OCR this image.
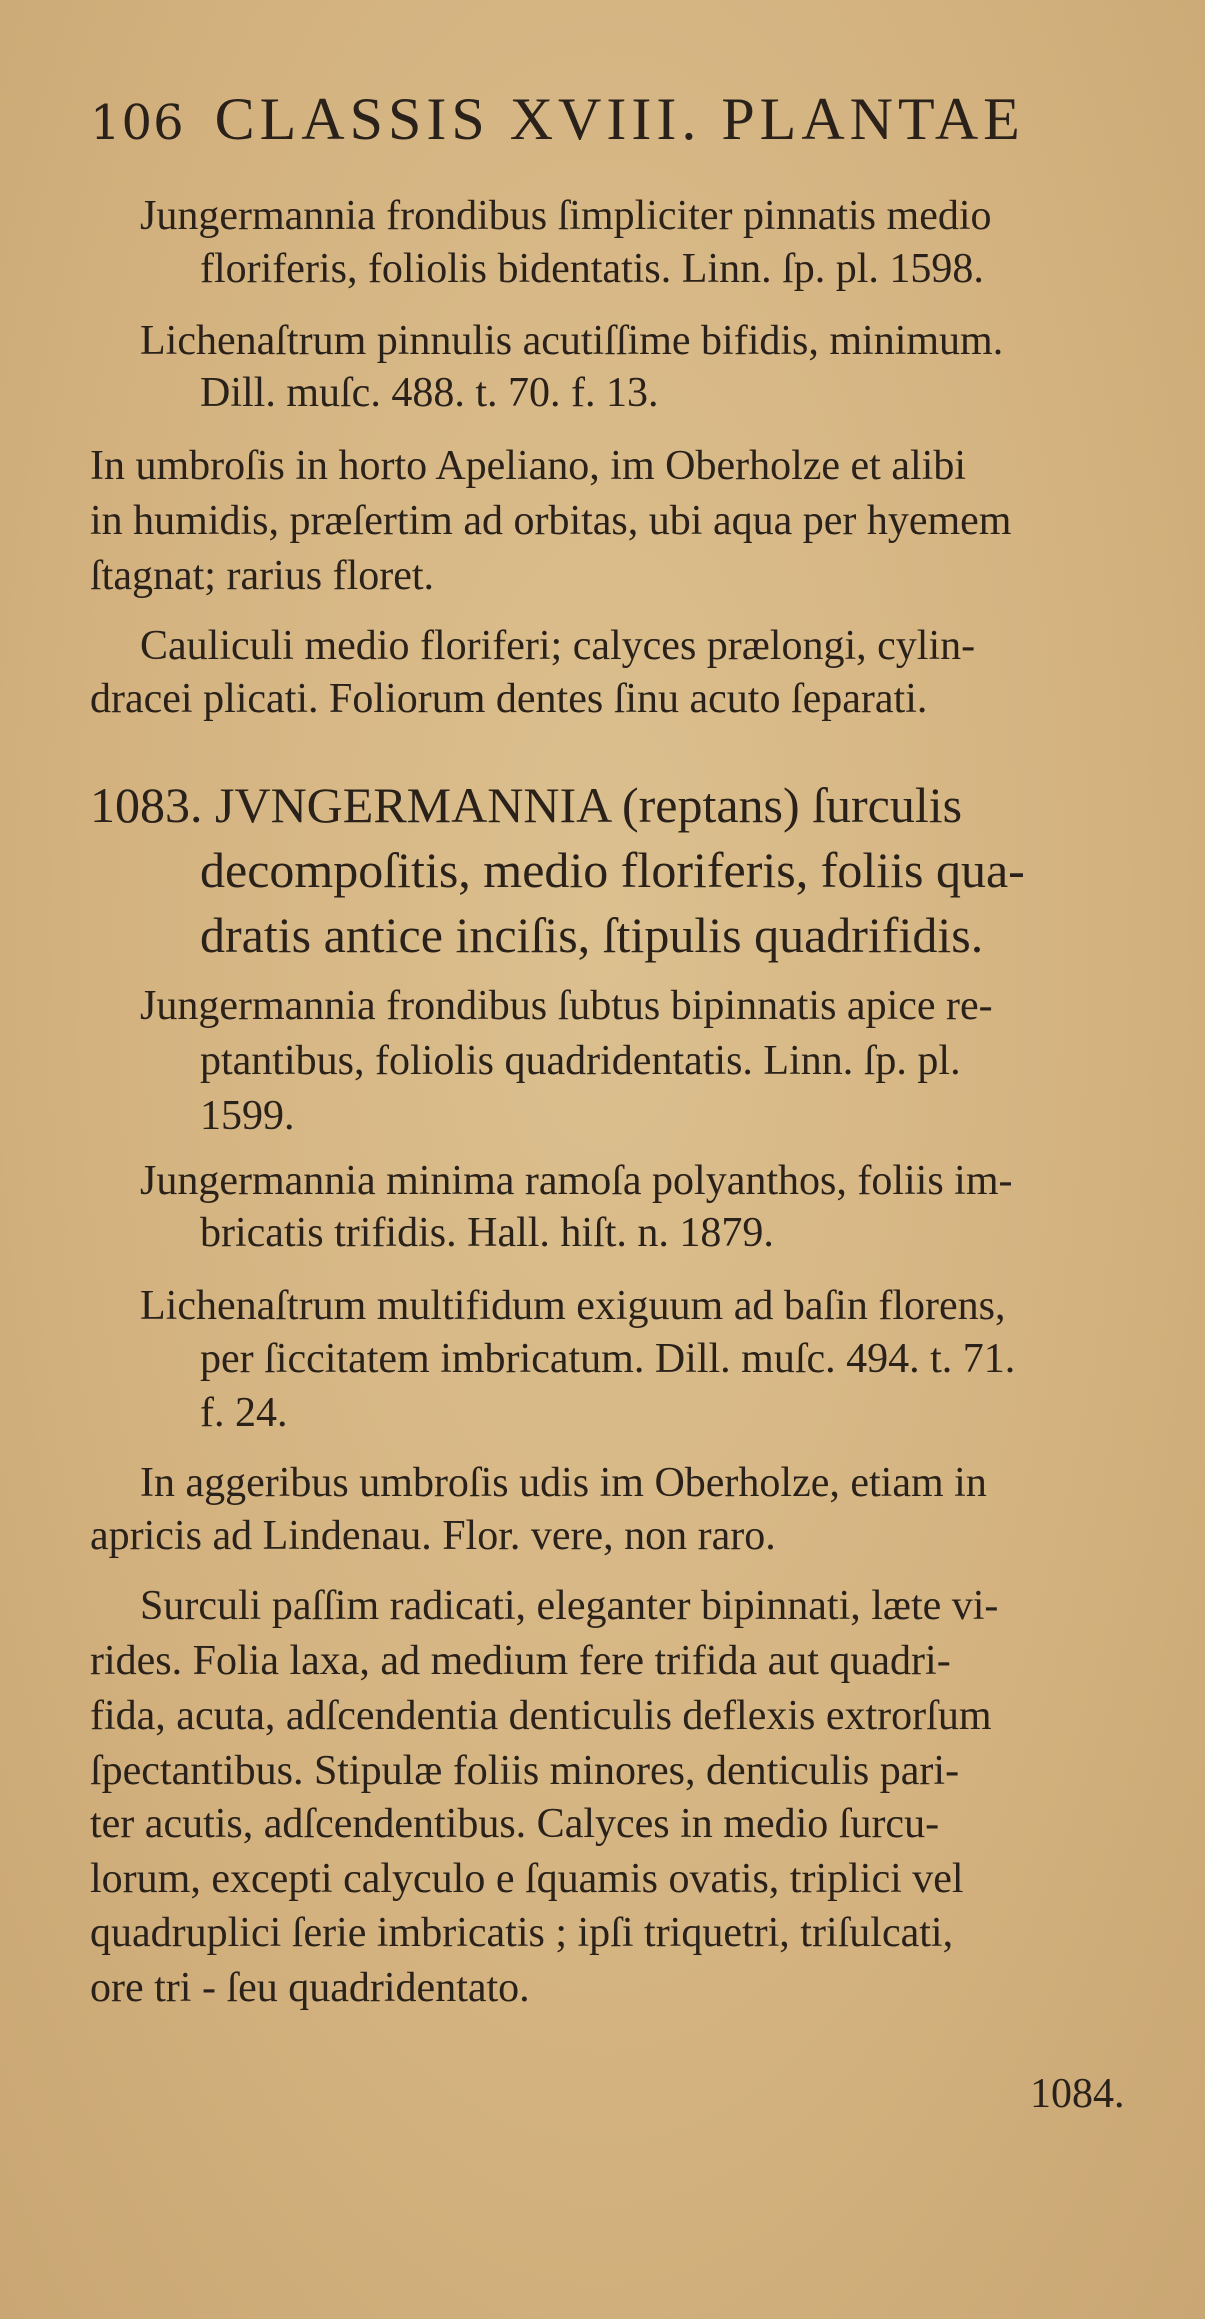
106 CLASSIS XVIII. PLANTAE
Jungermannia frondibus ſimpliciter pinnatis medio
floriferis, foliolis bidentatis. Linn. ſp. pl. 1598.
Lichenaſtrum pinnulis acutiſſime bifidis, minimum.
Dill. muſc. 488. t. 70. f. 13.
In umbroſis in horto Apeliano, im Oberholze et alibi
in humidis, præſertim ad orbitas, ubi aqua per hyemem
ſtagnat; rarius floret.
Cauliculi medio floriferi; calyces prælongi, cylin-
dracei plicati. Foliorum dentes ſinu acuto ſeparati.
1083. JVNGERMANNIA (reptans) ſurculis
decompoſitis, medio floriferis, foliis qua-
dratis antice inciſis, ſtipulis quadrifidis.
Jungermannia frondibus ſubtus bipinnatis apice re-
ptantibus, foliolis quadridentatis. Linn. ſp. pl.
1599.
Jungermannia minima ramoſa polyanthos, foliis im-
bricatis trifidis. Hall. hiſt. n. 1879.
Lichenaſtrum multifidum exiguum ad baſin florens,
per ſiccitatem imbricatum. Dill. muſc. 494. t. 71.
f. 24.
In aggeribus umbroſis udis im Oberholze, etiam in
apricis ad Lindenau. Flor. vere, non raro.
Surculi paſſim radicati, eleganter bipinnati, læte vi-
rides. Folia laxa, ad medium fere trifida aut quadri-
fida, acuta, adſcendentia denticulis deflexis extrorſum
ſpectantibus. Stipulæ foliis minores, denticulis pari-
ter acutis, adſcendentibus. Calyces in medio ſurcu-
lorum, excepti calyculo e ſquamis ovatis, triplici vel
quadruplici ſerie imbricatis ; ipſi triquetri, triſulcati,
ore tri - ſeu quadridentato.
1084.
